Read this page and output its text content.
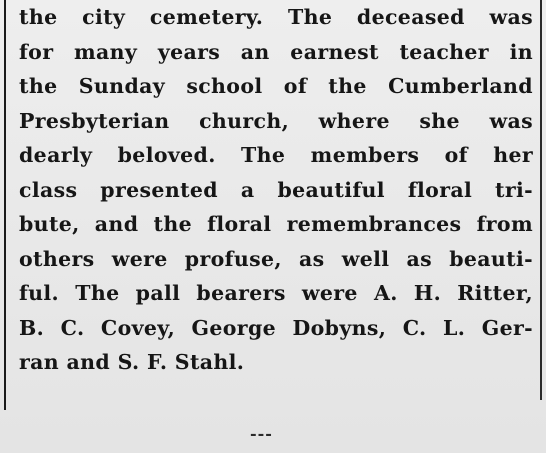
the city cemetery. The deceased was
for many years an earnest teacher in
the Sunday school of the Cumberland
Presbyterian church, where she was
dearly beloved. The members of her
class presented a beautiful floral tri-
bute, and the floral remembrances from
others were profuse, as well as beauti-
ful. The pall bearers were A. H. Ritter,
B. C. Covey, George Dobyns, C. L. Ger-
ran and S. F. Stahl.
---
